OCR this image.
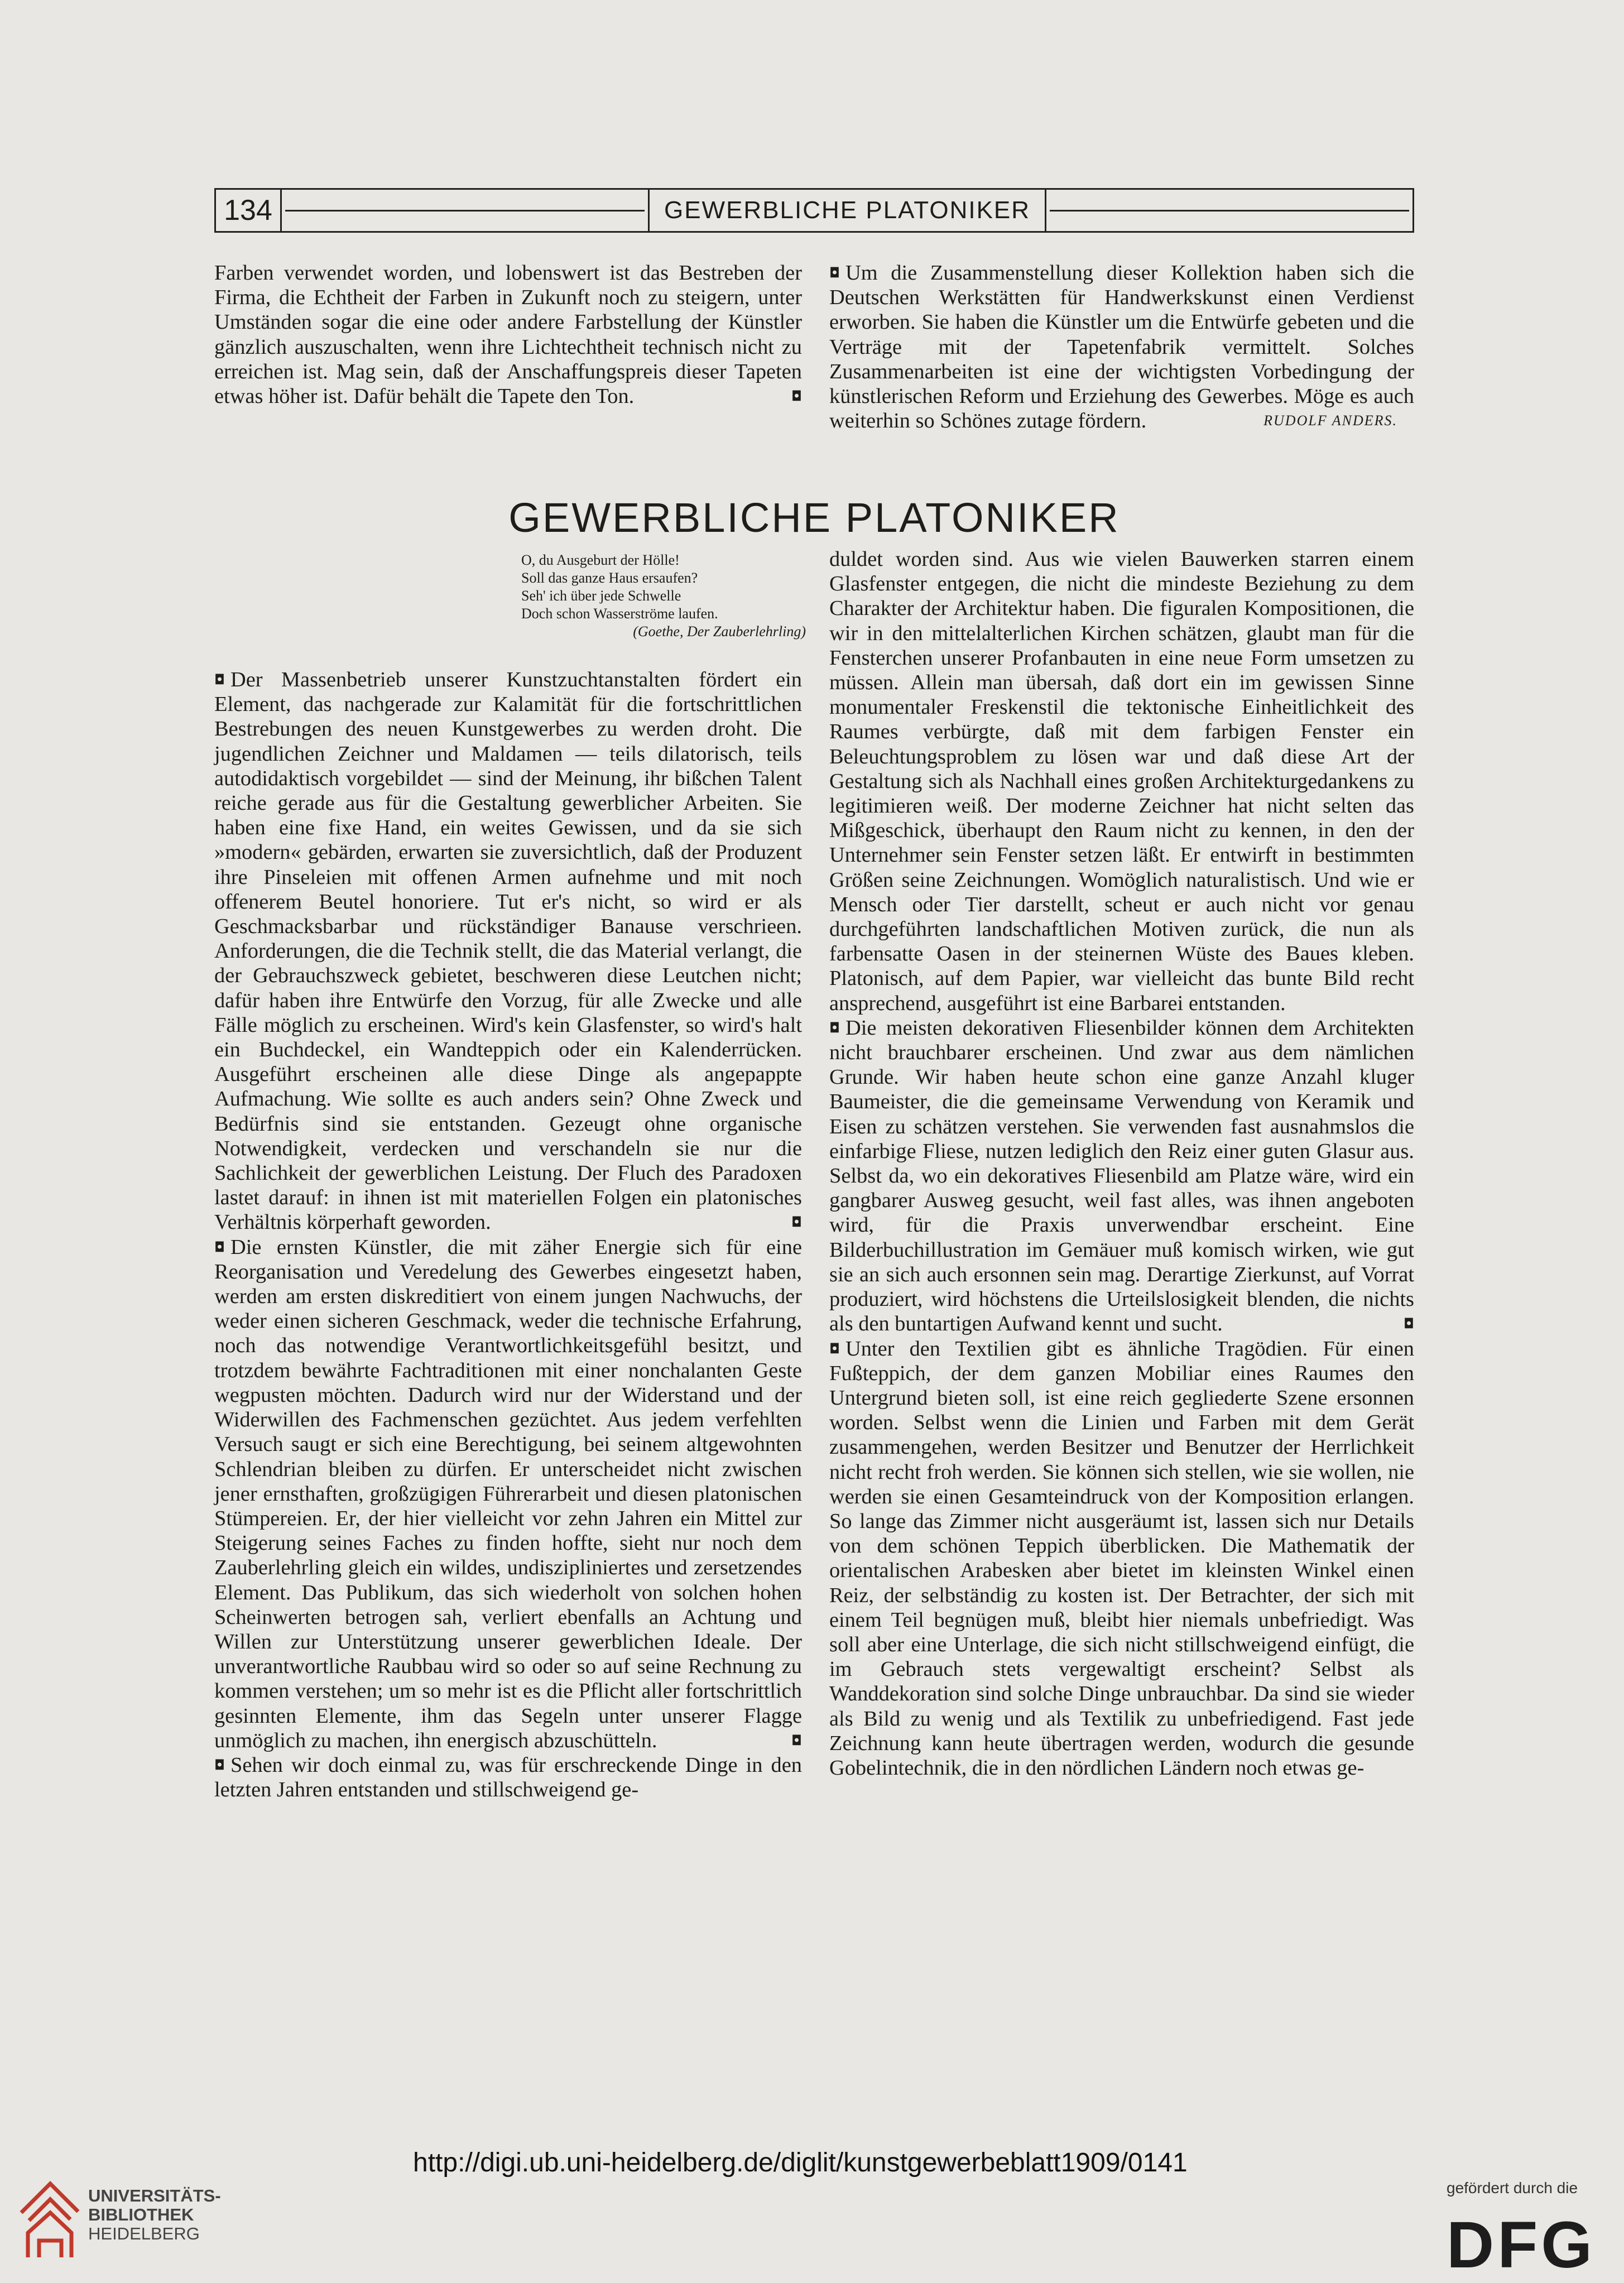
134	GEWERBLICHE PLATONIKER

Farben verwendet worden, und lobenswert ist das Bestreben der Firma, die Echtheit der Farben in Zukunft noch zu steigern, unter Umständen sogar die eine oder andere Farbstellung der Künstler gänzlich auszuschalten, wenn ihre Lichtechtheit technisch nicht zu erreichen ist. Mag sein, daß der Anschaffungspreis dieser Tapeten etwas höher ist. Dafür behält die Tapete den Ton.	◘

◘ Um die Zusammenstellung dieser Kollektion haben sich die Deutschen Werkstätten für Handwerkskunst einen Verdienst erworben. Sie haben die Künstler um die Entwürfe gebeten und die Verträge mit der Tapetenfabrik vermittelt. Solches Zusammenarbeiten ist eine der wichtigsten Vorbedingung der künstlerischen Reform und Erziehung des Gewerbes. Möge es auch weiterhin so Schönes zutage fördern.	RUDOLF ANDERS.
GEWERBLICHE PLATONIKER
O, du Ausgeburt der Hölle!
Soll das ganze Haus ersaufen?
Seh' ich über jede Schwelle
Doch schon Wasserströme laufen.
(Goethe, Der Zauberlehrling)

◘ Der Massenbetrieb unserer Kunstzuchtanstalten fördert ein Element, das nachgerade zur Kalamität für die fortschrittlichen Bestrebungen des neuen Kunstgewerbes zu werden droht. Die jugendlichen Zeichner und Maldamen — teils dilatorisch, teils autodidaktisch vorgebildet — sind der Meinung, ihr bißchen Talent reiche gerade aus für die Gestaltung gewerblicher Arbeiten. Sie haben eine fixe Hand, ein weites Gewissen, und da sie sich »modern« gebärden, erwarten sie zuversichtlich, daß der Produzent ihre Pinseleien mit offenen Armen aufnehme und mit noch offenerem Beutel honoriere. Tut er's nicht, so wird er als Geschmacksbarbar und rückständiger Banause verschrieen. Anforderungen, die die Technik stellt, die das Material verlangt, die der Gebrauchszweck gebietet, beschweren diese Leutchen nicht; dafür haben ihre Entwürfe den Vorzug, für alle Zwecke und alle Fälle möglich zu erscheinen. Wird's kein Glasfenster, so wird's halt ein Buchdeckel, ein Wandteppich oder ein Kalenderrücken. Ausgeführt erscheinen alle diese Dinge als angepappte Aufmachung. Wie sollte es auch anders sein? Ohne Zweck und Bedürfnis sind sie entstanden. Gezeugt ohne organische Notwendigkeit, verdecken und verschandeln sie nur die Sachlichkeit der gewerblichen Leistung. Der Fluch des Paradoxen lastet darauf: in ihnen ist mit materiellen Folgen ein platonisches Verhältnis körperhaft geworden.	◘

◘ Die ernsten Künstler, die mit zäher Energie sich für eine Reorganisation und Veredelung des Gewerbes eingesetzt haben, werden am ersten diskreditiert von einem jungen Nachwuchs, der weder einen sicheren Geschmack, weder die technische Erfahrung, noch das notwendige Verantwortlichkeitsgefühl besitzt, und trotzdem bewährte Fachtraditionen mit einer nonchalanten Geste wegpusten möchten. Dadurch wird nur der Widerstand und der Widerwillen des Fachmenschen gezüchtet. Aus jedem verfehlten Versuch saugt er sich eine Berechtigung, bei seinem altgewohnten Schlendrian bleiben zu dürfen. Er unterscheidet nicht zwischen jener ernsthaften, großzügigen Führerarbeit und diesen platonischen Stümpereien. Er, der hier vielleicht vor zehn Jahren ein Mittel zur Steigerung seines Faches zu finden hoffte, sieht nur noch dem Zauberlehrling gleich ein wildes, undiszipliniertes und zersetzendes Element. Das Publikum, das sich wiederholt von solchen hohen Scheinwerten betrogen sah, verliert ebenfalls an Achtung und Willen zur Unterstützung unserer gewerblichen Ideale. Der unverantwortliche Raubbau wird so oder so auf seine Rechnung zu kommen verstehen; um so mehr ist es die Pflicht aller fortschrittlich gesinnten Elemente, ihm das Segeln unter unserer Flagge unmöglich zu machen, ihn energisch abzuschütteln.	◘

◘ Sehen wir doch einmal zu, was für erschreckende Dinge in den letzten Jahren entstanden und stillschweigend ge-

duldet worden sind. Aus wie vielen Bauwerken starren einem Glasfenster entgegen, die nicht die mindeste Beziehung zu dem Charakter der Architektur haben. Die figuralen Kompositionen, die wir in den mittelalterlichen Kirchen schätzen, glaubt man für die Fensterchen unserer Profanbauten in eine neue Form umsetzen zu müssen. Allein man übersah, daß dort ein im gewissen Sinne monumentaler Freskenstil die tektonische Einheitlichkeit des Raumes verbürgte, daß mit dem farbigen Fenster ein Beleuchtungsproblem zu lösen war und daß diese Art der Gestaltung sich als Nachhall eines großen Architekturgedankens zu legitimieren weiß. Der moderne Zeichner hat nicht selten das Mißgeschick, überhaupt den Raum nicht zu kennen, in den der Unternehmer sein Fenster setzen läßt. Er entwirft in bestimmten Größen seine Zeichnungen. Womöglich naturalistisch. Und wie er Mensch oder Tier darstellt, scheut er auch nicht vor genau durchgeführten landschaftlichen Motiven zurück, die nun als farbensatte Oasen in der steinernen Wüste des Baues kleben. Platonisch, auf dem Papier, war vielleicht das bunte Bild recht ansprechend, ausgeführt ist eine Barbarei entstanden.

◘ Die meisten dekorativen Fliesenbilder können dem Architekten nicht brauchbarer erscheinen. Und zwar aus dem nämlichen Grunde. Wir haben heute schon eine ganze Anzahl kluger Baumeister, die die gemeinsame Verwendung von Keramik und Eisen zu schätzen verstehen. Sie verwenden fast ausnahmslos die einfarbige Fliese, nutzen lediglich den Reiz einer guten Glasur aus. Selbst da, wo ein dekoratives Fliesenbild am Platze wäre, wird ein gangbarer Ausweg gesucht, weil fast alles, was ihnen angeboten wird, für die Praxis unverwendbar erscheint. Eine Bilderbuchillustration im Gemäuer muß komisch wirken, wie gut sie an sich auch ersonnen sein mag. Derartige Zierkunst, auf Vorrat produziert, wird höchstens die Urteilslosigkeit blenden, die nichts als den buntartigen Aufwand kennt und sucht.	◘

◘ Unter den Textilien gibt es ähnliche Tragödien. Für einen Fußteppich, der dem ganzen Mobiliar eines Raumes den Untergrund bieten soll, ist eine reich gegliederte Szene ersonnen worden. Selbst wenn die Linien und Farben mit dem Gerät zusammengehen, werden Besitzer und Benutzer der Herrlichkeit nicht recht froh werden. Sie können sich stellen, wie sie wollen, nie werden sie einen Gesamteindruck von der Komposition erlangen. So lange das Zimmer nicht ausgeräumt ist, lassen sich nur Details von dem schönen Teppich überblicken. Die Mathematik der orientalischen Arabesken aber bietet im kleinsten Winkel einen Reiz, der selbständig zu kosten ist. Der Betrachter, der sich mit einem Teil begnügen muß, bleibt hier niemals unbefriedigt. Was soll aber eine Unterlage, die sich nicht stillschweigend einfügt, die im Gebrauch stets vergewaltigt erscheint? Selbst als Wanddekoration sind solche Dinge unbrauchbar. Da sind sie wieder als Bild zu wenig und als Textilik zu unbefriedigend. Fast jede Zeichnung kann heute übertragen werden, wodurch die gesunde Gobelintechnik, die in den nördlichen Ländern noch etwas ge-

UNIVERSITÄTS-
BIBLIOTHEK
HEIDELBERG
http://digi.ub.uni-heidelberg.de/diglit/kunstgewerbeblatt1909/0141
gefördert durch die
DFG
